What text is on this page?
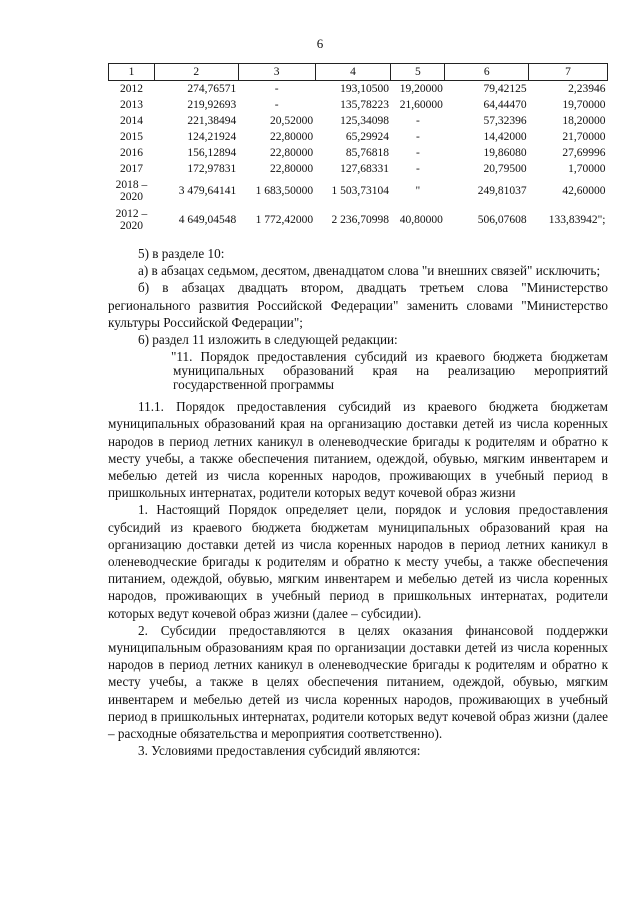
6
1	2	3	4	5	6	7
2012	274,76571	-	193,10500	19,20000	79,42125	2,23946
2013	219,92693	-	135,78223	21,60000	64,44470	19,70000
2014	221,38494	20,52000	125,34098	-	57,32396	18,20000
2015	124,21924	22,80000	65,29924	-	14,42000	21,70000
2016	156,12894	22,80000	85,76818	-	19,86080	27,69996
2017	172,97831	22,80000	127,68331	-	20,79500	1,70000
2018 –
2020	3 479,64141	1 683,50000	1 503,73104	"	249,81037	42,60000
2012 –
2020	4 649,04548	1 772,42000	2 236,70998	40,80000	506,07608	133,83942";

5) в разделе 10:

а) в абзацах седьмом, десятом, двенадцатом слова "и внешних связей" исключить;

б) в абзацах двадцать втором, двадцать третьем слова "Министерство регионального развития Российской Федерации" заменить словами "Министерство культуры Российской Федерации";

6) раздел 11 изложить в следующей редакции:

"11. Порядок предоставления субсидий из краевого бюджета бюджетам муниципальных образований края на реализацию мероприятий государственной программы

11.1. Порядок предоставления субсидий из краевого бюджета бюджетам муниципальных образований края на организацию доставки детей из числа коренных народов в период летних каникул в оленеводческие бригады к родителям и обратно к месту учебы, а также обеспечения питанием, одеждой, обувью, мягким инвентарем и мебелью детей из числа коренных народов, проживающих в учебный период в пришкольных интернатах, родители которых ведут кочевой образ жизни

1. Настоящий Порядок определяет цели, порядок и условия предоставления субсидий из краевого бюджета бюджетам муниципальных образований края на организацию доставки детей из числа коренных народов в период летних каникул в оленеводческие бригады к родителям и обратно к месту учебы, а также обеспечения питанием, одеждой, обувью, мягким инвентарем и мебелью детей из числа коренных народов, проживающих в учебный период в пришкольных интернатах, родители которых ведут кочевой образ жизни (далее – субсидии).

2. Субсидии предоставляются в целях оказания финансовой поддержки муниципальным образованиям края по организации доставки детей из числа коренных народов в период летних каникул в оленеводческие бригады к родителям и обратно к месту учебы, а также в целях обеспечения питанием, одеждой, обувью, мягким инвентарем и мебелью детей из числа коренных народов, проживающих в учебный период в пришкольных интернатах, родители которых ведут кочевой образ жизни (далее – расходные обязательства и мероприятия соответственно).

3. Условиями предоставления субсидий являются:
